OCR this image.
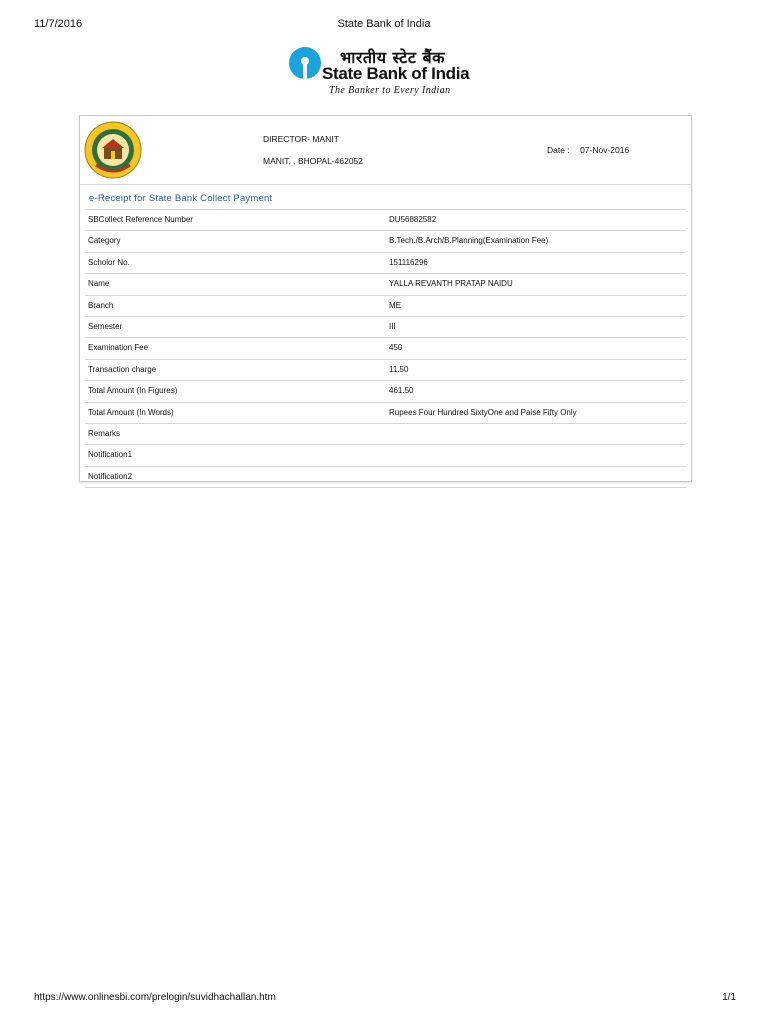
11/7/2016	State Bank of India
भारतीय स्टेट बैंक
State Bank of India
The Banker to Every Indian
DIRECTOR- MANIT
MANIT, , BHOPAL-462052
Date : 07-Nov-2016
e-Receipt for State Bank Collect Payment
SBCollect Reference Number	DU56882582
Category	B.Tech./B.Arch/B.Planning(Examination Fee)
Scholor No.	151116296
Name	YALLA REVANTH PRATAP NAIDU
Branch	ME
Semester	III
Examination Fee	450
Transaction charge	11.50
Total Amount (In Figures)	461.50
Total Amount (In Words)	Rupees Four Hundred SixtyOne and Paise Fifty Only
Remarks
Notification1
Notification2
https://www.onlinesbi.com/prelogin/suvidhachallan.htm	1/1
